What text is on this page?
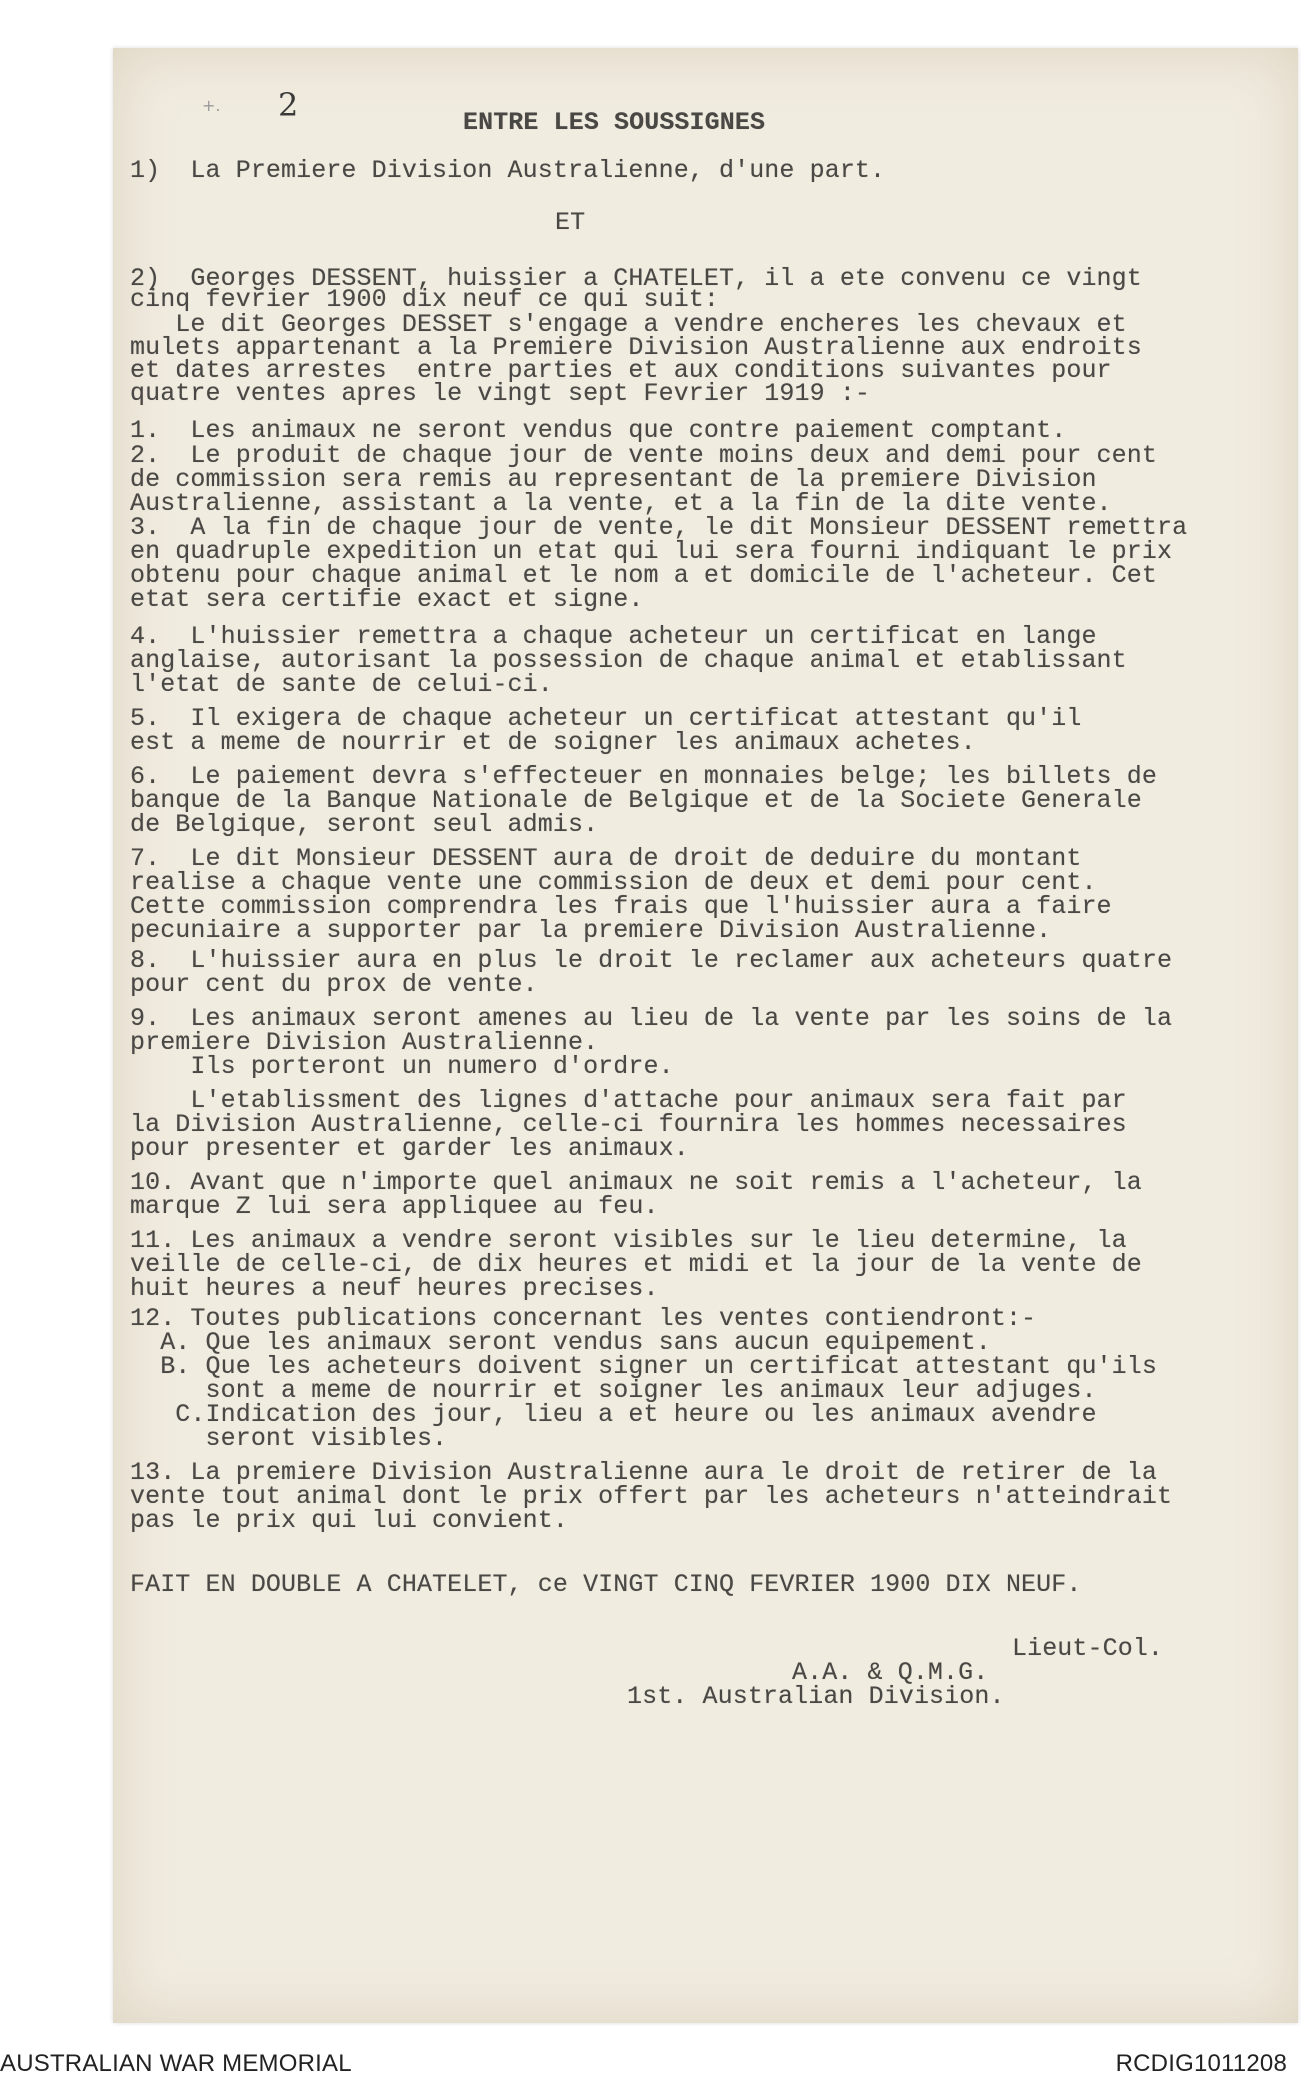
+. 2	ENTRE LES SOUSSIGNES
1)  La Premiere Division Australienne, d'une part.
ET
2)  Georges DESSENT, huissier a CHATELET, il a ete convenu ce vingt
cinq fevrier 1900 dix neuf ce qui suit:
Le dit Georges DESSET s'engage a vendre encheres les chevaux et
mulets appartenant a la Premiere Division Australienne aux endroits
et dates arrestes  entre parties et aux conditions suivantes pour
quatre ventes apres le vingt sept Fevrier 1919 :-
1.  Les animaux ne seront vendus que contre paiement comptant.
2.  Le produit de chaque jour de vente moins deux and demi pour cent
de commission sera remis au representant de la premiere Division
Australienne, assistant a la vente, et a la fin de la dite vente.
3.  A la fin de chaque jour de vente, le dit Monsieur DESSENT remettra
en quadruple expedition un etat qui lui sera fourni indiquant le prix
obtenu pour chaque animal et le nom a et domicile de l'acheteur. Cet
etat sera certifie exact et signe.
4.  L'huissier remettra a chaque acheteur un certificat en lange
anglaise, autorisant la possession de chaque animal et etablissant
l'etat de sante de celui-ci.
5.  Il exigera de chaque acheteur un certificat attestant qu'il
est a meme de nourrir et de soigner les animaux achetes.
6.  Le paiement devra s'effecteuer en monnaies belge; les billets de
banque de la Banque Nationale de Belgique et de la Societe Generale
de Belgique, seront seul admis.
7.  Le dit Monsieur DESSENT aura de droit de deduire du montant
realise a chaque vente une commission de deux et demi pour cent.
Cette commission comprendra les frais que l'huissier aura a faire
pecuniaire a supporter par la premiere Division Australienne.
8.  L'huissier aura en plus le droit le reclamer aux acheteurs quatre
pour cent du prox de vente.
9.  Les animaux seront amenes au lieu de la vente par les soins de la
premiere Division Australienne.
Ils porteront un numero d'ordre.
L'etablissment des lignes d'attache pour animaux sera fait par
la Division Australienne, celle-ci fournira les hommes necessaires
pour presenter et garder les animaux.
10. Avant que n'importe quel animaux ne soit remis a l'acheteur, la
marque Z lui sera appliquee au feu.
11. Les animaux a vendre seront visibles sur le lieu determine, la
veille de celle-ci, de dix heures et midi et la jour de la vente de
huit heures a neuf heures precises.
12. Toutes publications concernant les ventes contiendront:-
A. Que les animaux seront vendus sans aucun equipement.
B. Que les acheteurs doivent signer un certificat attestant qu'ils
sont a meme de nourrir et soigner les animaux leur adjuges.
C.Indication des jour, lieu a et heure ou les animaux avendre
seront visibles.
13. La premiere Division Australienne aura le droit de retirer de la
vente tout animal dont le prix offert par les acheteurs n'atteindrait
pas le prix qui lui convient.
FAIT EN DOUBLE A CHATELET, ce VINGT CINQ FEVRIER 1900 DIX NEUF.
Lieut-Col.
A.A. & Q.M.G.
1st. Australian Division.
AUSTRALIAN WAR MEMORIAL	RCDIG1011208
